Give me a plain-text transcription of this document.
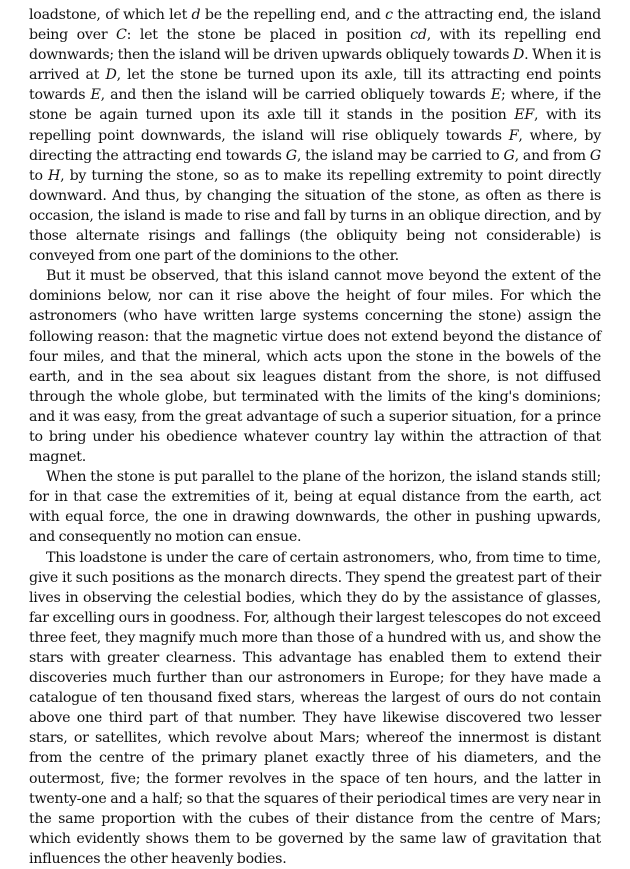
loadstone, of which let d be the repelling end, and c the attracting end, the island being over C: let the stone be placed in position cd, with its repelling end downwards; then the island will be driven upwards obliquely towards D. When it is arrived at D, let the stone be turned upon its axle, till its attracting end points towards E, and then the island will be carried obliquely towards E; where, if the stone be again turned upon its axle till it stands in the position EF, with its repelling point downwards, the island will rise obliquely towards F, where, by directing the attracting end towards G, the island may be carried to G, and from G to H, by turning the stone, so as to make its repelling extremity to point directly downward. And thus, by changing the situation of the stone, as often as there is occasion, the island is made to rise and fall by turns in an oblique direction, and by those alternate risings and fallings (the obliquity being not considerable) is conveyed from one part of the dominions to the other.

But it must be observed, that this island cannot move beyond the extent of the dominions below, nor can it rise above the height of four miles. For which the astronomers (who have written large systems concerning the stone) assign the following reason: that the magnetic virtue does not extend beyond the distance of four miles, and that the mineral, which acts upon the stone in the bowels of the earth, and in the sea about six leagues distant from the shore, is not diffused through the whole globe, but terminated with the limits of the king's dominions; and it was easy, from the great advantage of such a superior situation, for a prince to bring under his obedience whatever country lay within the attraction of that magnet.

When the stone is put parallel to the plane of the horizon, the island stands still; for in that case the extremities of it, being at equal distance from the earth, act with equal force, the one in drawing downwards, the other in pushing upwards, and consequently no motion can ensue.

This loadstone is under the care of certain astronomers, who, from time to time, give it such positions as the monarch directs. They spend the greatest part of their lives in observing the celestial bodies, which they do by the assistance of glasses, far excelling ours in goodness. For, although their largest telescopes do not exceed three feet, they magnify much more than those of a hundred with us, and show the stars with greater clearness. This advantage has enabled them to extend their discoveries much further than our astronomers in Europe; for they have made a catalogue of ten thousand fixed stars, whereas the largest of ours do not contain above one third part of that number. They have likewise discovered two lesser stars, or satellites, which revolve about Mars; whereof the innermost is distant from the centre of the primary planet exactly three of his diameters, and the outermost, five; the former revolves in the space of ten hours, and the latter in twenty-one and a half; so that the squares of their periodical times are very near in the same proportion with the cubes of their distance from the centre of Mars; which evidently shows them to be governed by the same law of gravitation that influences the other heavenly bodies.
